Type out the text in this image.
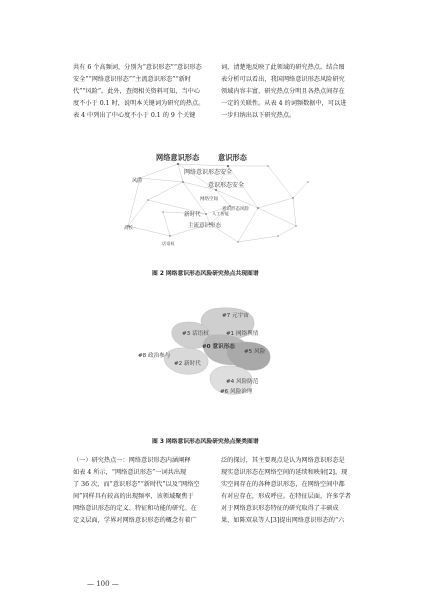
共有 6 个高频词，分别为“意识形态”“意识形态
安全”“网络意识形态”“主流意识形态”“新时
代”“风险”。此外，查阅相关资料可知，当中心
度不小于 0.1 时，说明本关键词为研究的热点。
表 4 中列出了中心度不小于 0.1 的 9 个关键
词，清楚地反映了此领域的研究热点。结合图
表分析可以看出，我国网络意识形态风险研究
领域内容丰富，研究热点分明且各热点间存在
一定的关联性。从表 4 的词频数据中，可以进
一步归纳出以下研究热点。
网络意识形态	意识形态
网络意识形态安全
风险
意识形态安全
网络空间
意识形态风险
新时代	人工智能
主流意识形态
高校
话语权
图 2 网络意识形态风险研究热点共现图谱
#7 元宇宙
#3 话语权	#1 网络舆情
#0 意识形态
#5 风险
#8 政治参与
#2 新时代
#4 风险防范
#6 风险治理
图 3 网络意识形态风险研究热点聚类图谱
（一）研究热点一：网络意识形态内涵阐释
如表 4 所示，“网络意识形态”一词共出现
了 36 次，而“意识形态”“新时代”以及“网络空
间”同样具有较高的出现频率，该领域聚焦于
网络意识形态的定义、特征和功能的研究。在
定义层面，学界对网络意识形态的概念有着广
泛的探讨，其主要观点是认为网络意识形态是
现实意识形态在网络空间的延续和映射[2]。现
实空间存在的各种意识形态，在网络空间中都
有对应存在，形成呼应。在特征层面，许多学者
对于网络意识形态特征的研究取得了丰硕成
果，如陈双泉等人[3]提出网络意识形态的“六
— 100 —
